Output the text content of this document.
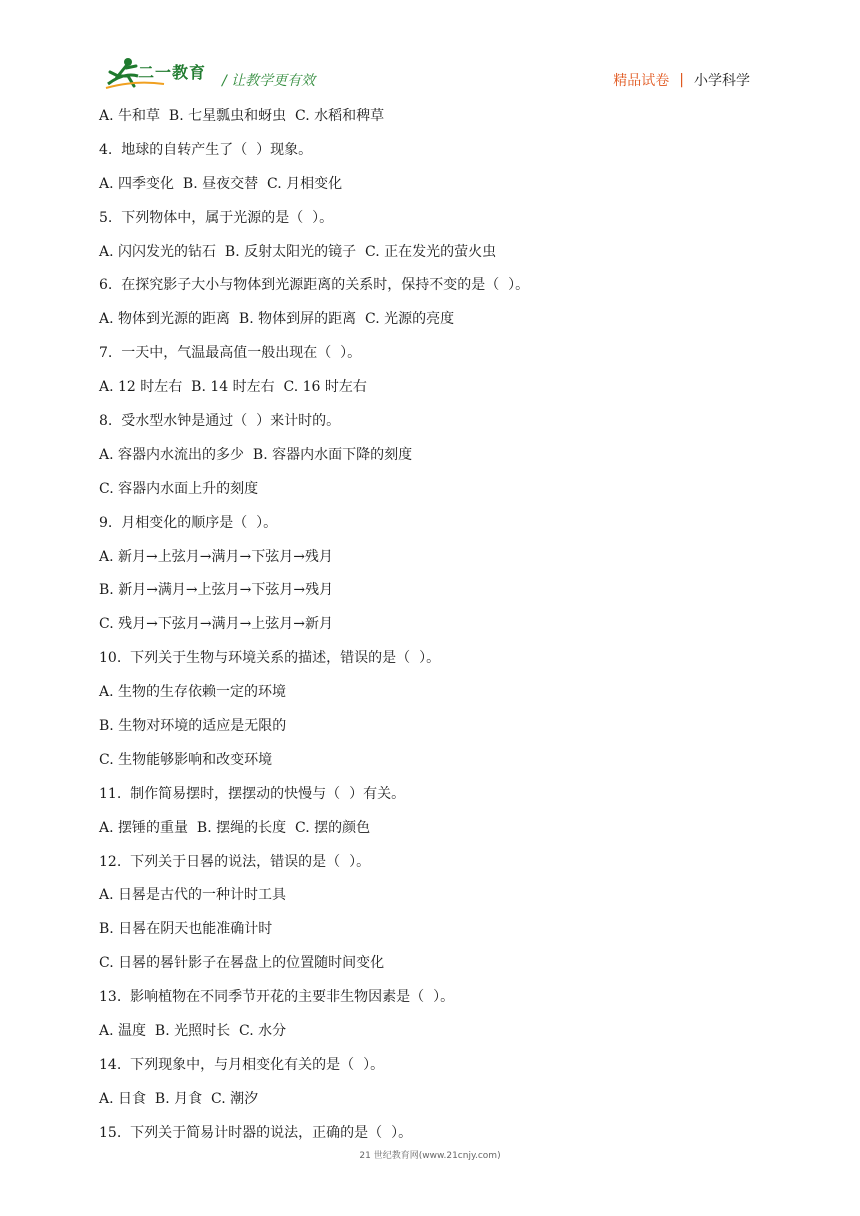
二一教育 / 让教学更有效	精品试卷 | 小学科学
A. 牛和草  B. 七星瓢虫和蚜虫  C. 水稻和稗草
4.  地球的自转产生了（  ）现象。
A. 四季变化  B. 昼夜交替  C. 月相变化
5.  下列物体中，属于光源的是（  ）。
A. 闪闪发光的钻石  B. 反射太阳光的镜子  C. 正在发光的萤火虫
6.  在探究影子大小与物体到光源距离的关系时，保持不变的是（  ）。
A. 物体到光源的距离  B. 物体到屏的距离  C. 光源的亮度
7.  一天中，气温最高值一般出现在（  ）。
A. 12 时左右  B. 14 时左右  C. 16 时左右
8.  受水型水钟是通过（  ）来计时的。
A. 容器内水流出的多少  B. 容器内水面下降的刻度
C. 容器内水面上升的刻度
9.  月相变化的顺序是（  ）。
A. 新月→上弦月→满月→下弦月→残月
B. 新月→满月→上弦月→下弦月→残月
C. 残月→下弦月→满月→上弦月→新月
10.  下列关于生物与环境关系的描述，错误的是（  ）。
A. 生物的生存依赖一定的环境
B. 生物对环境的适应是无限的
C. 生物能够影响和改变环境
11.  制作简易摆时，摆摆动的快慢与（  ）有关。
A. 摆锤的重量  B. 摆绳的长度  C. 摆的颜色
12.  下列关于日晷的说法，错误的是（  ）。
A. 日晷是古代的一种计时工具
B. 日晷在阴天也能准确计时
C. 日晷的晷针影子在晷盘上的位置随时间变化
13.  影响植物在不同季节开花的主要非生物因素是（  ）。
A. 温度  B. 光照时长  C. 水分
14.  下列现象中，与月相变化有关的是（  ）。
A. 日食  B. 月食  C. 潮汐
15.  下列关于简易计时器的说法，正确的是（  ）。
21 世纪教育网(www.21cnjy.com)
